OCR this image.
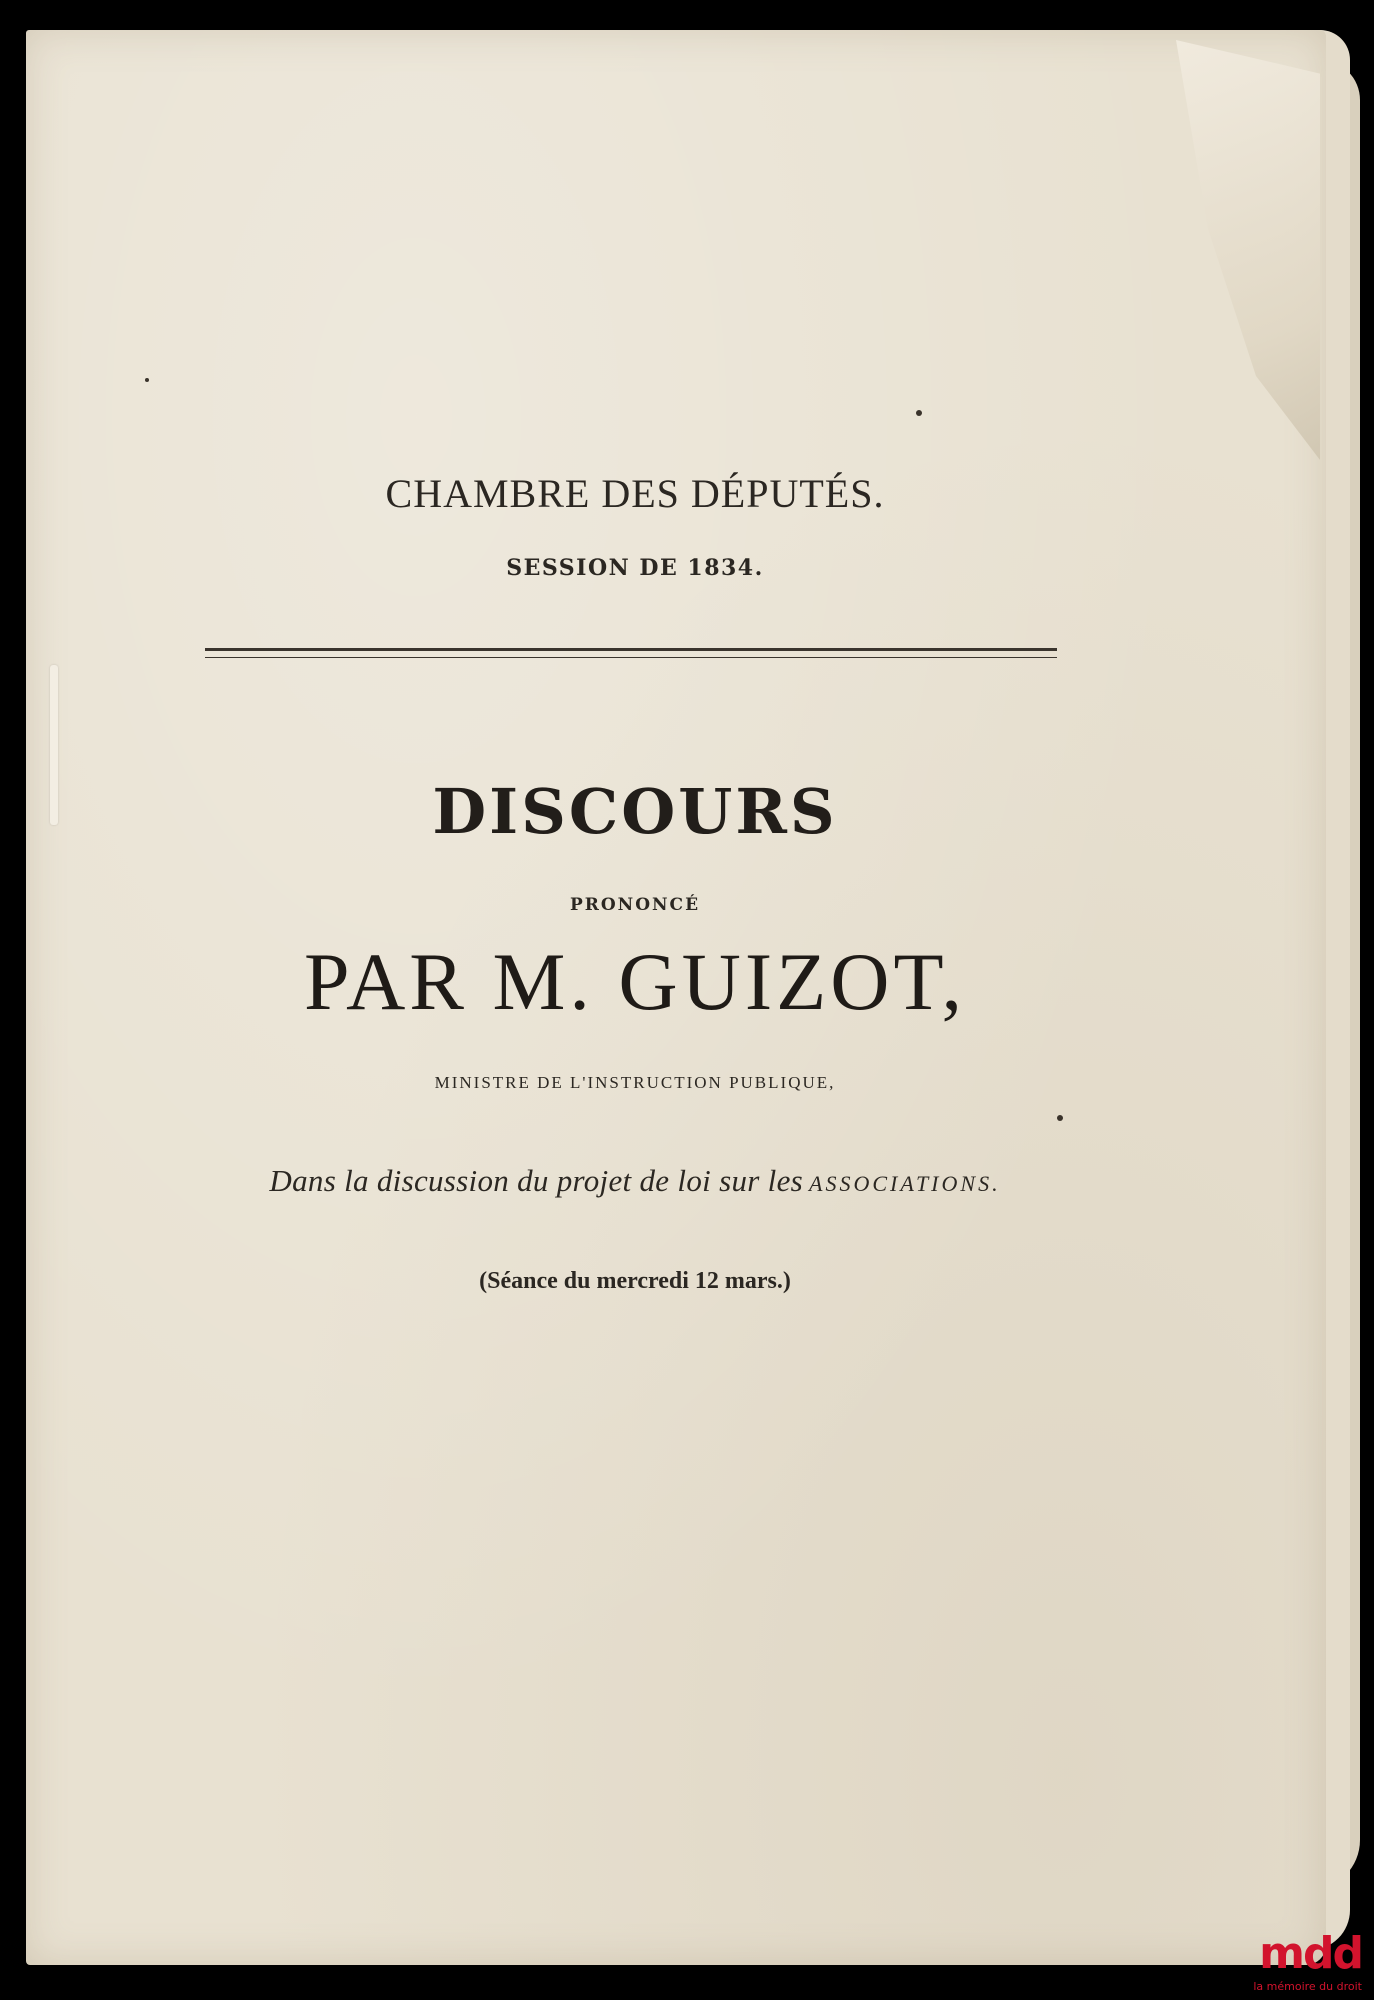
CHAMBRE DES DÉPUTÉS.
SESSION DE 1834.
DISCOURS
PRONONCÉ
PAR M. GUIZOT,
MINISTRE DE L'INSTRUCTION PUBLIQUE,
Dans la discussion du projet de loi sur les ASSOCIATIONS.
(Séance du mercredi 12 mars.)
mdd
la mémoire du droit
